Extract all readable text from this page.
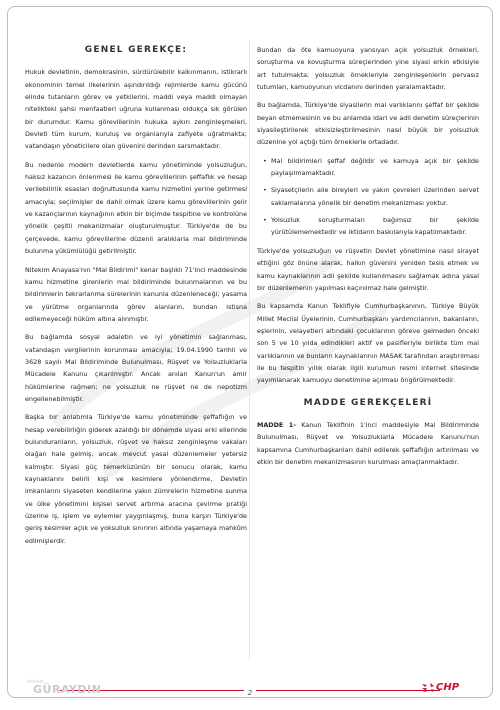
GENEL GEREKÇE:

Hukuk devletinin, demokrasinin, sürdürülebilir kalkınmanın, istikrarlı ekonominin temel ilkelerinin aşındırıldığı rejimlerde kamu gücünü elinde tutanların görev ve yetkilerini, maddi veya maddi olmayan nitelikteki şahsi menfaatleri uğruna kullanması oldukça sık görülen bir durumdur. Kamu görevlilerinin hukuka aykırı zenginleşmeleri, Devleti tüm kurum, kuruluş ve organlarıyla zafiyete uğratmakta; vatandaşın yöneticilere olan güvenini derinden sarsmaktadır.

Bu nedenle modern devletlerde kamu yönetiminde yolsuzluğun, haksız kazancın önlenmesi ile kamu görevlilerinin şeffaflık ve hesap verilebilirlik esasları doğrultusunda kamu hizmetini yerine getirmesi amacıyla; seçilmişler de dahil olmak üzere kamu görevlilerinin gelir ve kazançlarının kaynağının etkin bir biçimde tespitine ve kontrolüne yönelik çeşitli mekanizmalar oluşturulmuştur. Türkiye'de de bu çerçevede, kamu görevlilerine düzenli aralıklarla mal bildiriminde bulunma yükümlülüğü getirilmiştir.

Nitekim Anayasa'nın "Mal Bildirimi" kenar başlıklı 71'inci maddesinde kamu hizmetine girenlerin mal bildiriminde bulunmalarının ve bu bildirimlerin tekrarlanma sürelerinin kanunla düzenleneceği; yasama ve yürütme organlarında görev alanların, bundan istisna edilemeyeceği hüküm altına alınmıştır.

Bu bağlamda sosyal adaletin ve iyi yönetimin sağlanması, vatandaşın vergilerinin korunması amacıyla; 19.04.1990 tarihli ve 3628 sayılı Mal Bildiriminde Bulunulması, Rüşvet ve Yolsuzluklarla Mücadele Kanunu çıkarılmıştır. Ancak anılan Kanun'un amir hükümlerine rağmen; ne yolsuzluk ne rüşvet ne de nepotizm engellenebilmiştir.

Başka bir anlatımla Türkiye'de kamu yönetiminde şeffaflığın ve hesap verebilirliğin giderek azaldığı bir dönemde siyasi erki ellerinde bulunduranların, yolsuzluk, rüşvet ve haksız zenginleşme vakaları olağan hale gelmiş, ancak mevcut yasal düzenlemeler yetersiz kalmıştır. Siyasi güç temerküzünün bir sonucu olarak, kamu kaynaklarını belirli kişi ve kesimlere yönlendirme, Devletin imkanlarını siyaseten kendilerine yakın zümrelerin hizmetine sunma ve ülke yönetimini kişisel servet artırma aracına çevirme pratiği üzerine iş, işlem ve eylemler yaygınlaşmış, buna karşın Türkiye'de geniş kesimler açlık ve yoksulluk sınırının altında yaşamaya mahkûm edilmişlerdir.

Bundan da öte kamuoyuna yansıyan açık yolsuzluk örnekleri, soruşturma ve kovuşturma süreçlerinden yine siyasi erkin etkisiyle art tutulmakta; yolsuzluk örnekleriyle zenginleşenlerin pervasız tutumları, kamuoyunun vicdanını derinden yaralamaktadır.

Bu bağlamda, Türkiye'de siyasilerin mal varlıklarını şeffaf bir şekilde beyan etmemesinin ve bu anlamda idari ve adli denetim süreçlerinin siyasileştirilerek etkisizleştirilmesinin nasıl büyük bir yolsuzluk düzenine yol açtığı tüm örneklerle ortadadır.

• Mal bildirimleri şeffaf değildir ve kamuya açık bir şekilde paylaşılmamaktadır.
• Siyasetçilerin aile bireyleri ve yakın çevreleri üzerinden servet saklamalarına yönelik bir denetim mekanizması yoktur.
• Yolsuzluk soruşturmaları bağımsız bir şekilde yürütülememektedir ve iktidarın baskılarıyla kapatılmaktadır.

Türkiye'de yolsuzluğun ve rüşvetin Devlet yönetimine nasıl sirayet ettiğini göz önüne alarak, halkın güvenini yeniden tesis etmek ve kamu kaynaklarının adil şekilde kullanılmasını sağlamak adına yasal bir düzenlemenin yapılması kaçınılmaz hale gelmiştir.

Bu kapsamda Kanun Teklifiyle Cumhurbaşkanının, Türkiye Büyük Millet Meclisi Üyelerinin, Cumhurbaşkanı yardımcılarının, bakanların, eşlerinin, velayetleri altındaki çocuklarının göreve gelmeden önceki son 5 ve 10 yılda edindikleri aktif ve pasifleriyle birlikte tüm mal varlıklarının ve bunların kaynaklarının MASAK tarafından araştırılması ile bu tespitin yıllık olarak ilgili kurumun resmi internet sitesinde yayımlanarak kamuoyu denetimine açılması öngörülmektedir.

MADDE GEREKÇELERİ

MADDE 1- Kanun Teklifinin 1'inci maddesiyle Mal Bildiriminde Bulunulması, Rüşvet ve Yolsuzluklarla Mücadele Kanunu'nun kapsamına Cumhurbaşkanları dahil edilerek şeffaflığın artırılması ve etkin bir denetim mekanizmasının kurulması amaçlanmaktadır.

2
Mehmet
GÜRAYDIN	CHP
